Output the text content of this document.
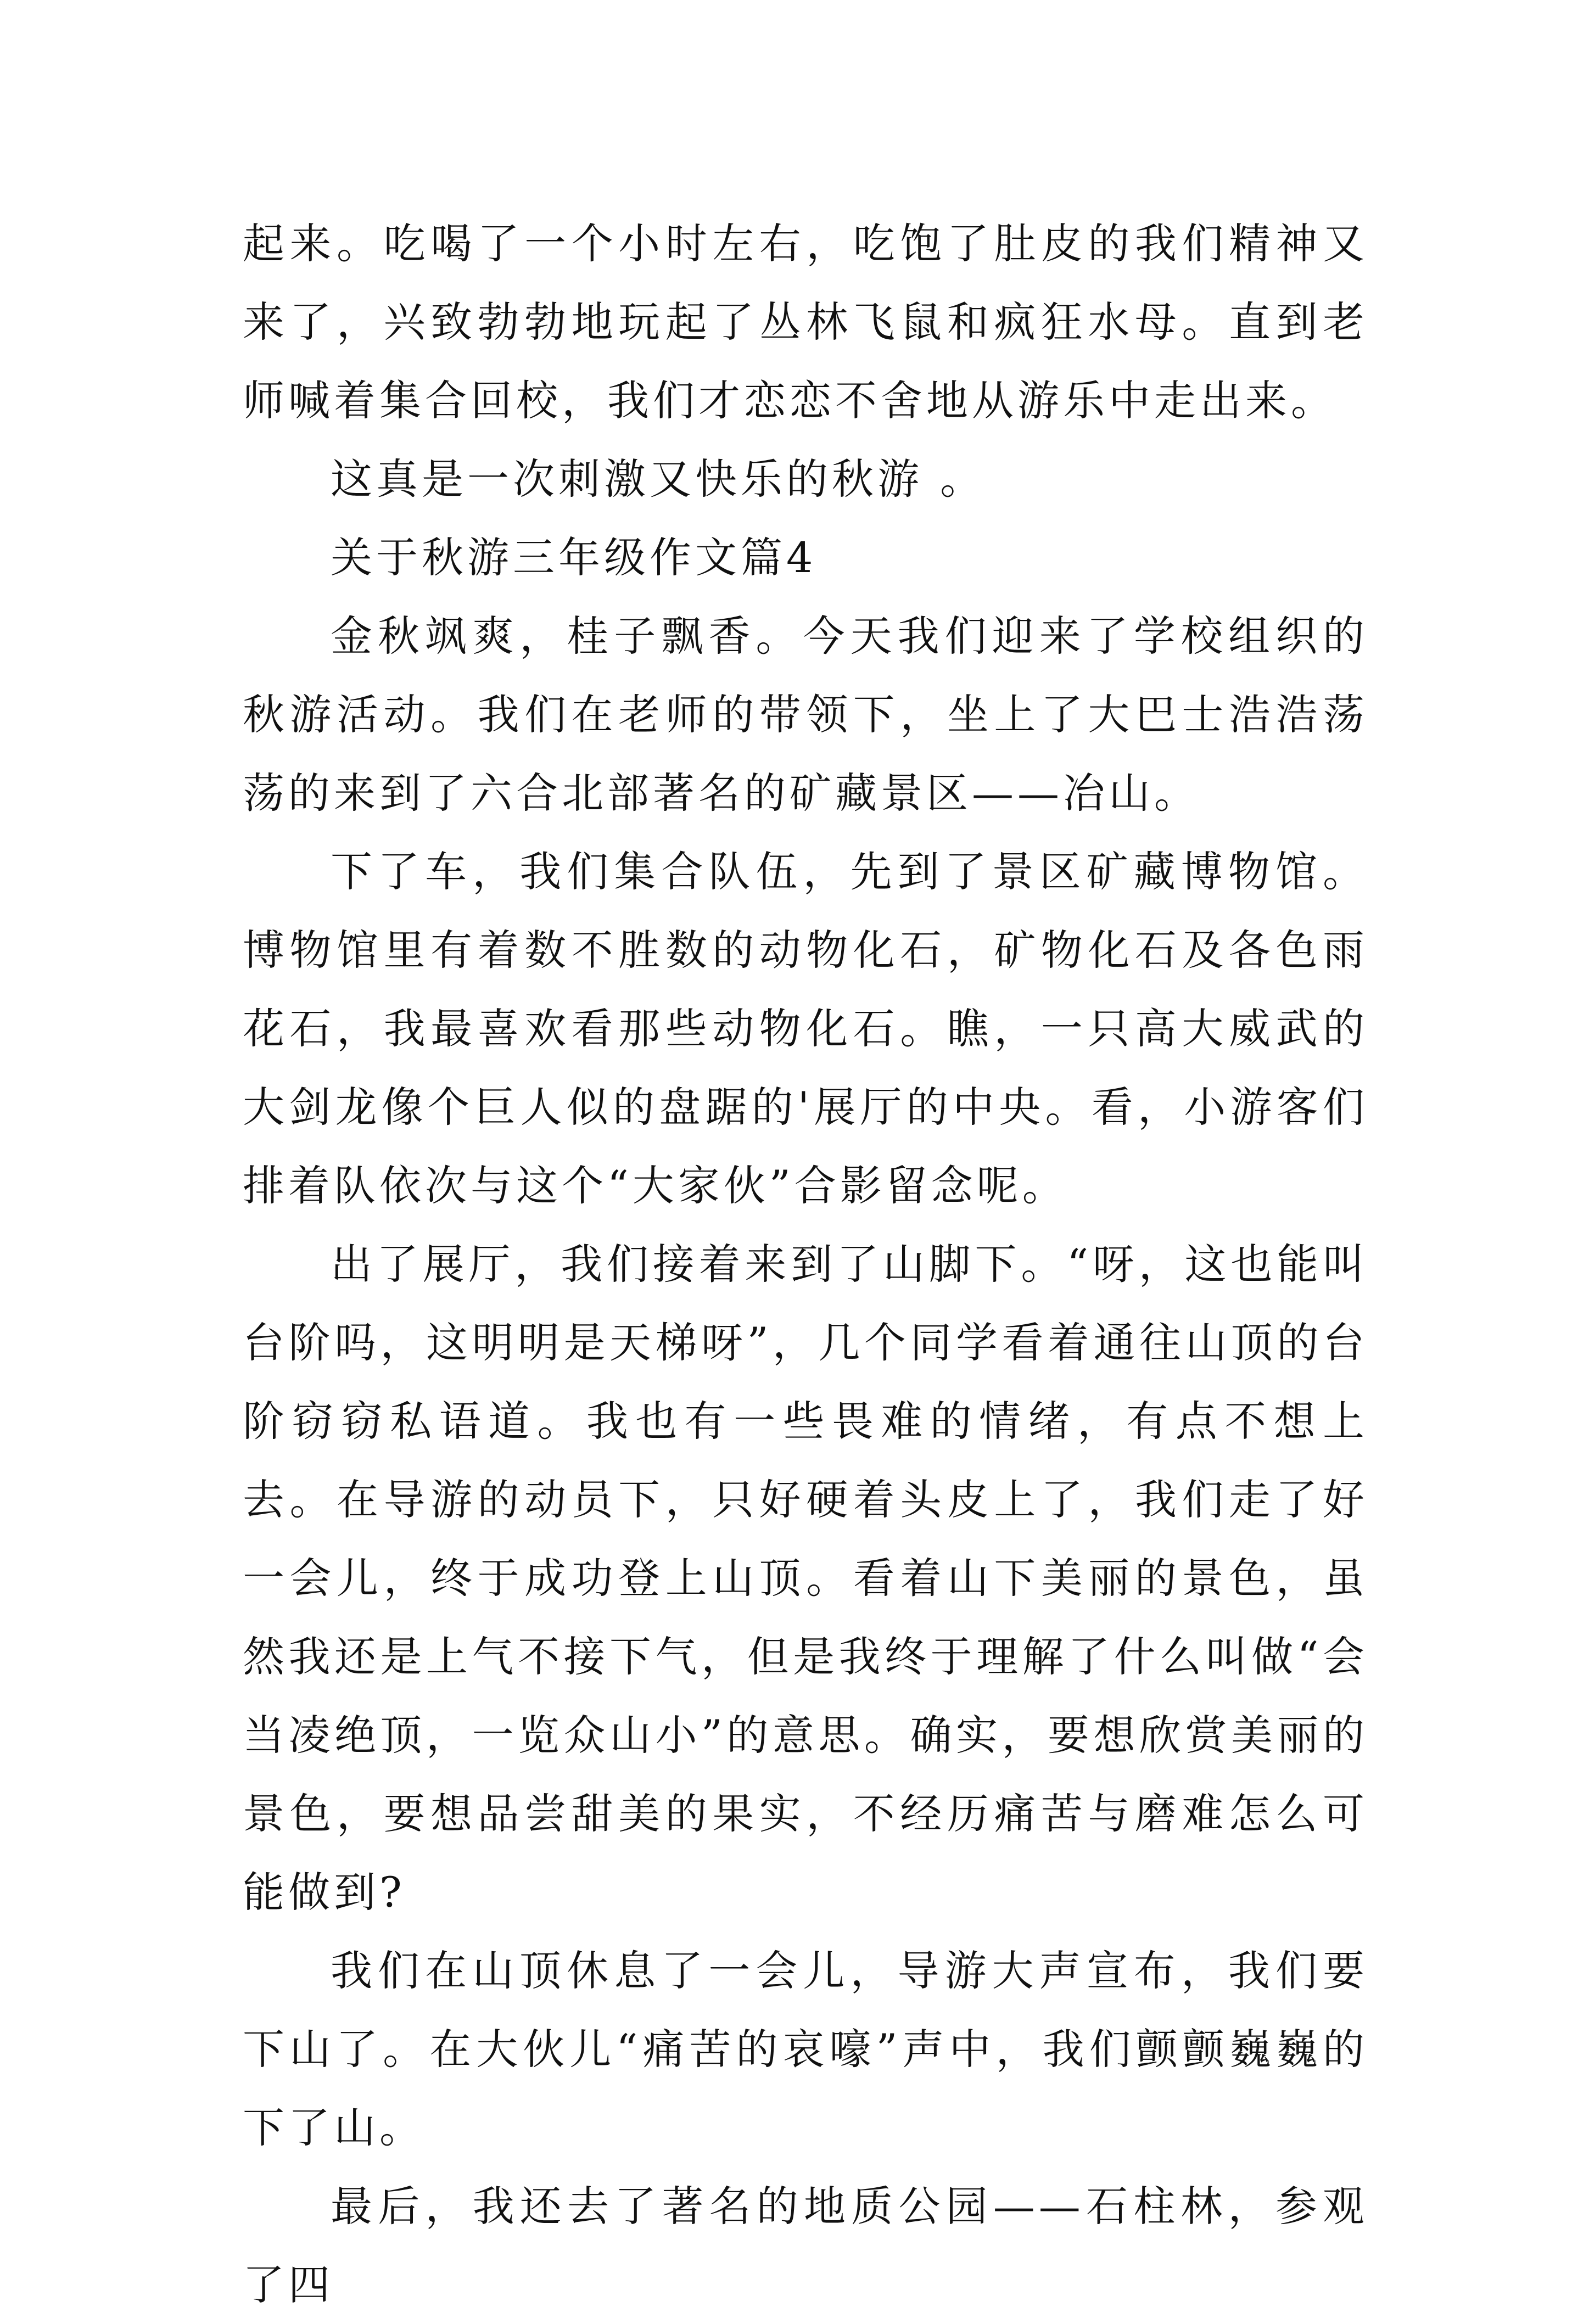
起来。吃喝了一个小时左右，吃饱了肚皮的我们精神又来了，兴致勃勃地玩起了丛林飞鼠和疯狂水母。直到老师喊着集合回校，我们才恋恋不舍地从游乐中走出来。

这真是一次刺激又快乐的秋游 。

关于秋游三年级作文篇4

金秋飒爽，桂子飘香。今天我们迎来了学校组织的秋游活动。我们在老师的带领下，坐上了大巴士浩浩荡荡的来到了六合北部著名的矿藏景区——冶山。

下了车，我们集合队伍，先到了景区矿藏博物馆。博物馆里有着数不胜数的动物化石，矿物化石及各色雨花石，我最喜欢看那些动物化石。瞧，一只高大威武的大剑龙像个巨人似的盘踞的'展厅的中央。看，小游客们排着队依次与这个“大家伙”合影留念呢。

出了展厅，我们接着来到了山脚下。“呀，这也能叫台阶吗，这明明是天梯呀”，几个同学看着通往山顶的台阶窃窃私语道。我也有一些畏难的情绪，有点不想上去。在导游的动员下，只好硬着头皮上了，我们走了好一会儿，终于成功登上山顶。看着山下美丽的景色，虽然我还是上气不接下气，但是我终于理解了什么叫做“会当凌绝顶，一览众山小”的意思。确实，要想欣赏美丽的景色，要想品尝甜美的果实，不经历痛苦与磨难怎么可能做到?

我们在山顶休息了一会儿，导游大声宣布，我们要下山了。在大伙儿“痛苦的哀嚎”声中，我们颤颤巍巍的下了山。

最后，我还去了著名的地质公园——石柱林，参观了四
